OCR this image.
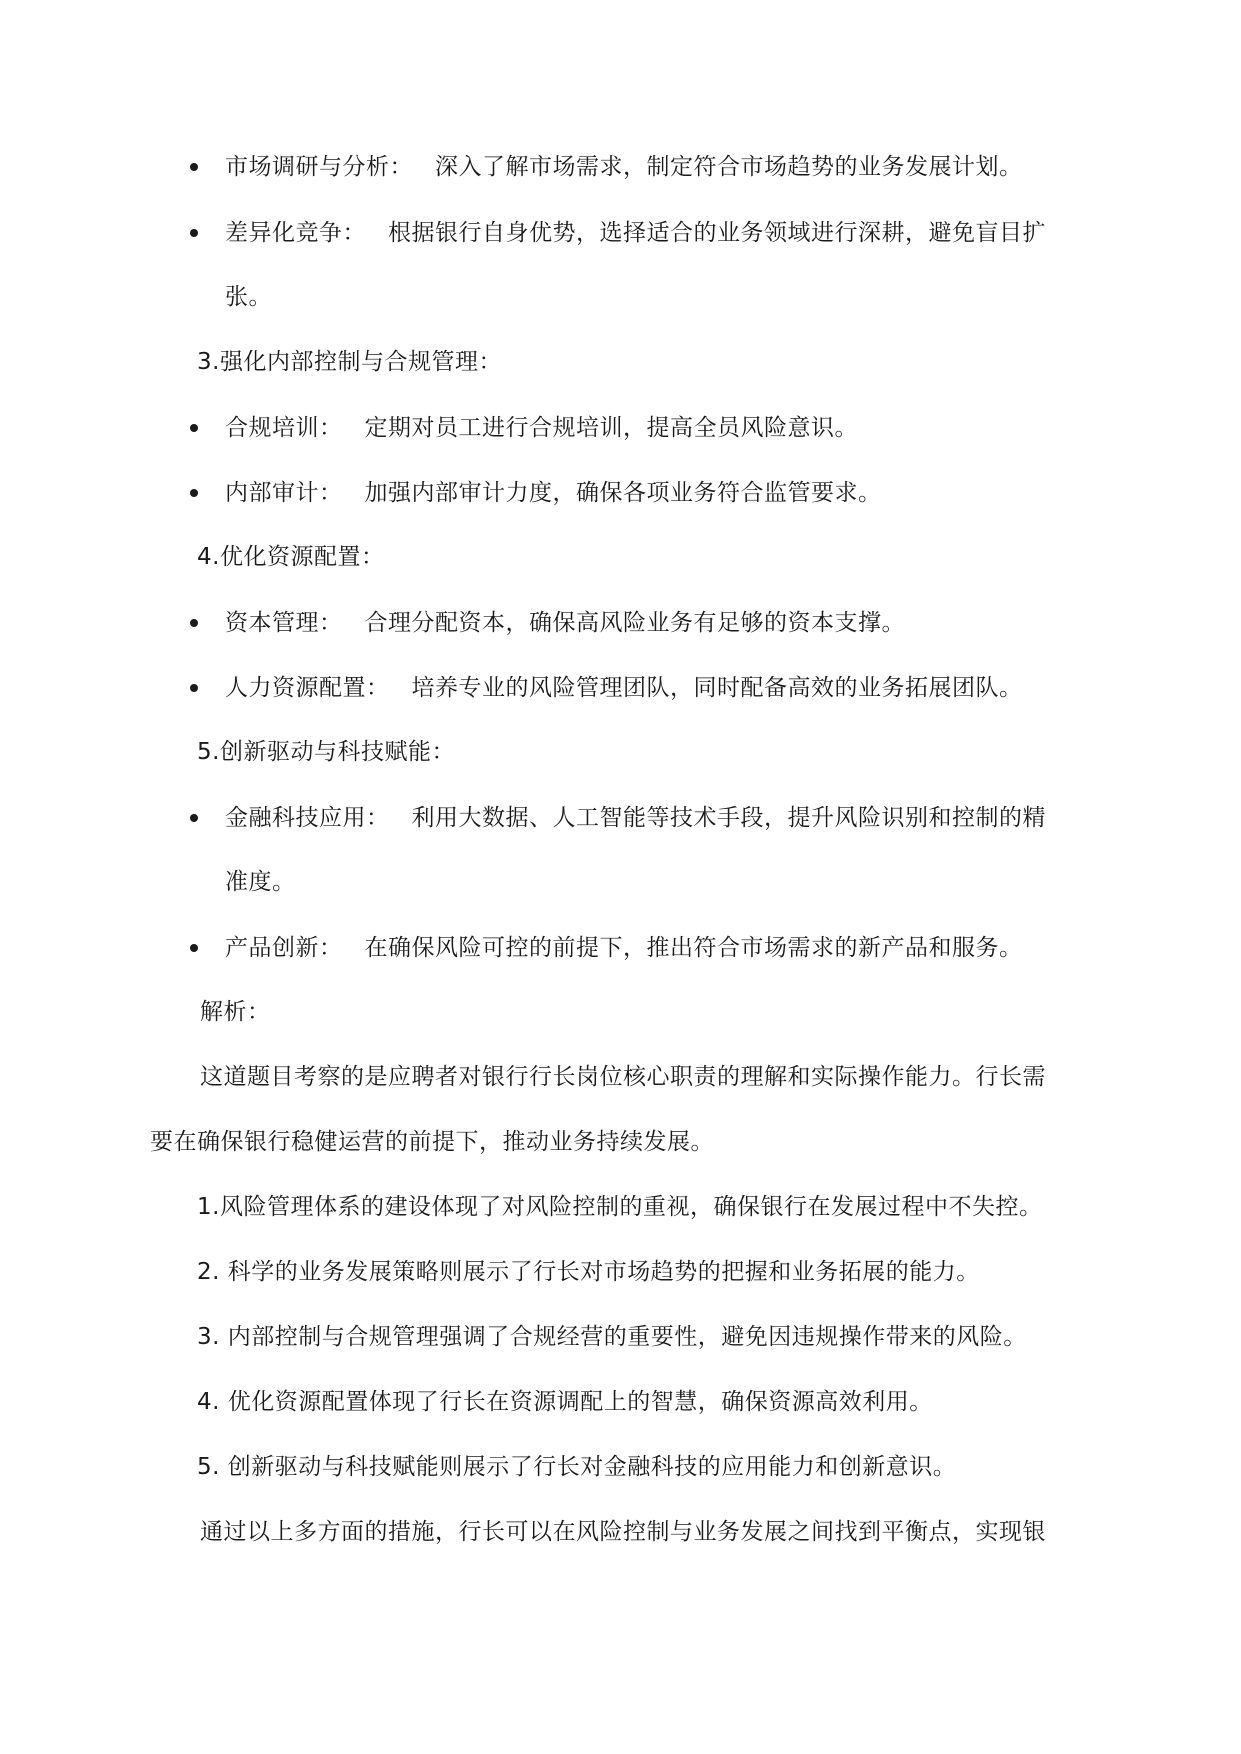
市场调研与分析： 深入了解市场需求，制定符合市场趋势的业务发展计划。
差异化竞争： 根据银行自身优势，选择适合的业务领域进行深耕，避免盲目扩
张。
3.强化内部控制与合规管理：
合规培训： 定期对员工进行合规培训，提高全员风险意识。
内部审计： 加强内部审计力度，确保各项业务符合监管要求。
4.优化资源配置：
资本管理： 合理分配资本，确保高风险业务有足够的资本支撑。
人力资源配置： 培养专业的风险管理团队，同时配备高效的业务拓展团队。
5.创新驱动与科技赋能：
金融科技应用： 利用大数据、人工智能等技术手段，提升风险识别和控制的精
准度。
产品创新： 在确保风险可控的前提下，推出符合市场需求的新产品和服务。
解析：
这道题目考察的是应聘者对银行行长岗位核心职责的理解和实际操作能力。行长需
要在确保银行稳健运营的前提下，推动业务持续发展。
1.风险管理体系的建设体现了对风险控制的重视，确保银行在发展过程中不失控。
2. 科学的业务发展策略则展示了行长对市场趋势的把握和业务拓展的能力。
3. 内部控制与合规管理强调了合规经营的重要性，避免因违规操作带来的风险。
4. 优化资源配置体现了行长在资源调配上的智慧，确保资源高效利用。
5. 创新驱动与科技赋能则展示了行长对金融科技的应用能力和创新意识。
通过以上多方面的措施，行长可以在风险控制与业务发展之间找到平衡点，实现银
